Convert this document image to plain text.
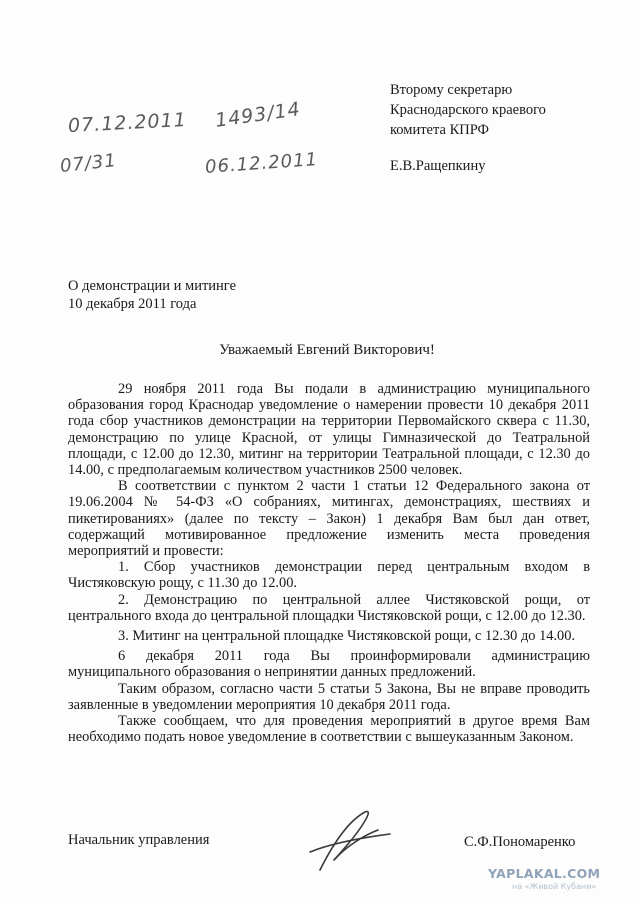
Второму секретарю
Краснодарского краевого
комитета КПРФ
Е.В.Ращепкину
07.12.2011 1493/14
07/31	06.12.2011
О демонстрации и митинге
10 декабря 2011 года
Уважаемый Евгений Викторович!

29 ноября 2011 года Вы подали в администрацию муниципального образования город Краснодар уведомление о намерении провести 10 декабря 2011 года сбор участников демонстрации на территории Первомайского сквера с 11.30, демонстрацию по улице Красной, от улицы Гимназической до Театральной площади, с 12.00 до 12.30, митинг на территории Театральной площади, с 12.30 до 14.00, с предполагаемым количеством участников 2500 человек.

В соответствии с пунктом 2 части 1 статьи 12 Федерального закона от 19.06.2004 № 54-ФЗ «О собраниях, митингах, демонстрациях, шествиях и пикетированиях» (далее по тексту – Закон) 1 декабря Вам был дан ответ, содержащий мотивированное предложение изменить места проведения мероприятий и провести:

1. Сбор участников демонстрации перед центральным входом в Чистяковскую рощу, с 11.30 до 12.00.

2. Демонстрацию по центральной аллее Чистяковской рощи, от центрального входа до центральной площадки Чистяковской рощи, с 12.00 до 12.30.

3. Митинг на центральной площадке Чистяковской рощи, с 12.30 до 14.00.

6 декабря 2011 года Вы проинформировали администрацию муниципального образования о непринятии данных предложений.

Таким образом, согласно части 5 статьи 5 Закона, Вы не вправе проводить заявленные в уведомлении мероприятия 10 декабря 2011 года.

Также сообщаем, что для проведения мероприятий в другое время Вам необходимо подать новое уведомление в соответствии с вышеуказанным Законом.

Начальник управления	С.Ф.Пономаренко
YAPLAKAL.COM
на «Живой Кубани»
